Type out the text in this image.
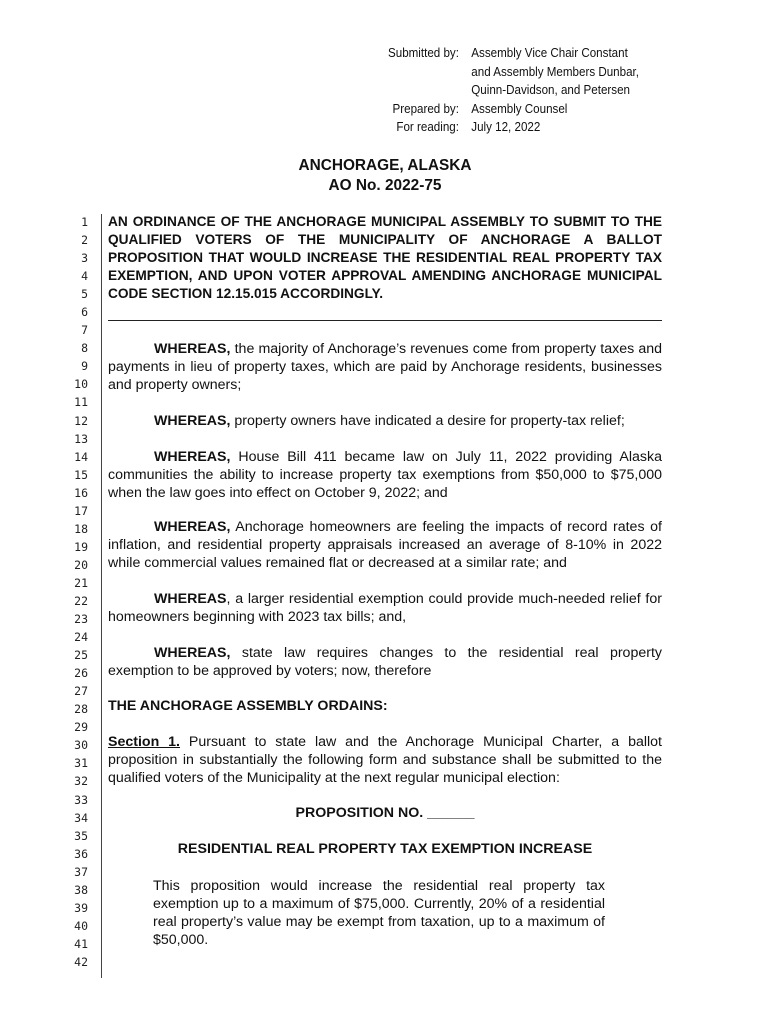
Submitted by: Assembly Vice Chair Constant
and Assembly Members Dunbar,
Quinn-Davidson, and Petersen
Prepared by: Assembly Counsel
For reading: July 12, 2022
ANCHORAGE, ALASKA
AO No. 2022-75
1
2
3
4
5
6
7
8
9
10
11
12
13
14
15
16
17
18
19
20
21
22
23
24
25
26
27
28
29
30
31
32
33
34
35
36
37
38
39
40
41
42
AN ORDINANCE OF THE ANCHORAGE MUNICIPAL ASSEMBLY TO SUBMIT TO THE QUALIFIED VOTERS OF THE MUNICIPALITY OF ANCHORAGE A BALLOT PROPOSITION THAT WOULD INCREASE THE RESIDENTIAL REAL PROPERTY TAX EXEMPTION, AND UPON VOTER APPROVAL AMENDING ANCHORAGE MUNICIPAL CODE SECTION 12.15.015 ACCORDINGLY.
WHEREAS, the majority of Anchorage’s revenues come from property taxes and payments in lieu of property taxes, which are paid by Anchorage residents, businesses and property owners;
WHEREAS, property owners have indicated a desire for property-tax relief;
WHEREAS, House Bill 411 became law on July 11, 2022 providing Alaska communities the ability to increase property tax exemptions from $50,000 to $75,000 when the law goes into effect on October 9, 2022; and
WHEREAS, Anchorage homeowners are feeling the impacts of record rates of inflation, and residential property appraisals increased an average of 8-10% in 2022 while commercial values remained flat or decreased at a similar rate; and
WHEREAS, a larger residential exemption could provide much-needed relief for homeowners beginning with 2023 tax bills; and,
WHEREAS, state law requires changes to the residential real property exemption to be approved by voters; now, therefore
THE ANCHORAGE ASSEMBLY ORDAINS:
Section 1. Pursuant to state law and the Anchorage Municipal Charter, a ballot proposition in substantially the following form and substance shall be submitted to the qualified voters of the Municipality at the next regular municipal election:
PROPOSITION NO. ______
RESIDENTIAL REAL PROPERTY TAX EXEMPTION INCREASE
This proposition would increase the residential real property tax exemption up to a maximum of $75,000. Currently, 20% of a residential real property’s value may be exempt from taxation, up to a maximum of $50,000.
